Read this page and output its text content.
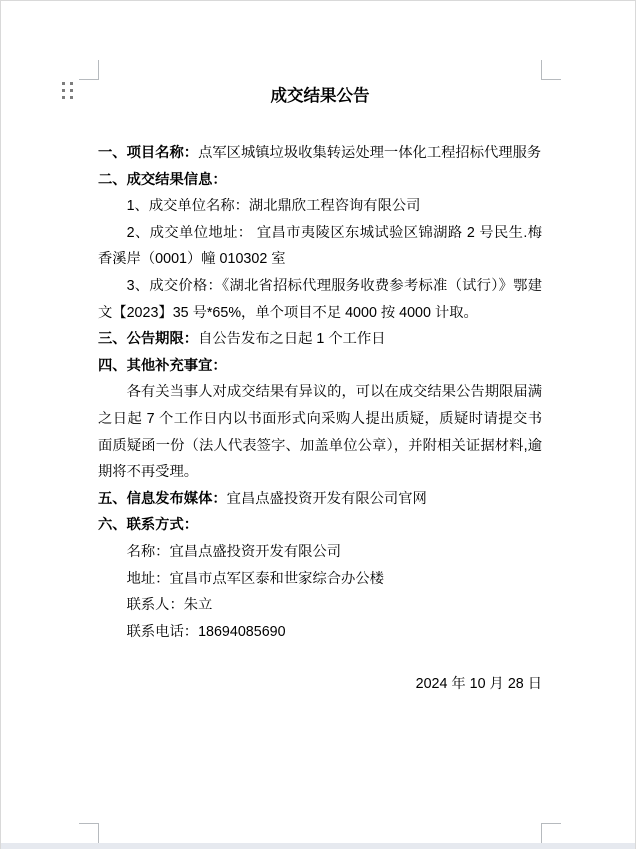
成交结果公告

一、项目名称：点军区城镇垃圾收集转运处理一体化工程招标代理服务

二、成交结果信息：

1、成交单位名称：湖北鼎欣工程咨询有限公司

2、成交单位地址： 宜昌市夷陵区东城试验区锦湖路 2 号民生.梅香溪岸（0001）幢 010302 室

3、成交价格：《湖北省招标代理服务收费参考标准（试行）》鄂建文【2023】35 号*65%，单个项目不足 4000 按 4000 计取。

三、公告期限：自公告发布之日起 1 个工作日

四、其他补充事宜：

各有关当事人对成交结果有异议的，可以在成交结果公告期限届满之日起 7 个工作日内以书面形式向采购人提出质疑，质疑时请提交书面质疑函一份（法人代表签字、加盖单位公章），并附相关证据材料,逾期将不再受理。

五、信息发布媒体：宜昌点盛投资开发有限公司官网

六、联系方式：

名称：宜昌点盛投资开发有限公司

地址：宜昌市点军区泰和世家综合办公楼

联系人：朱立

联系电话：18694085690

2024 年 10 月 28 日
